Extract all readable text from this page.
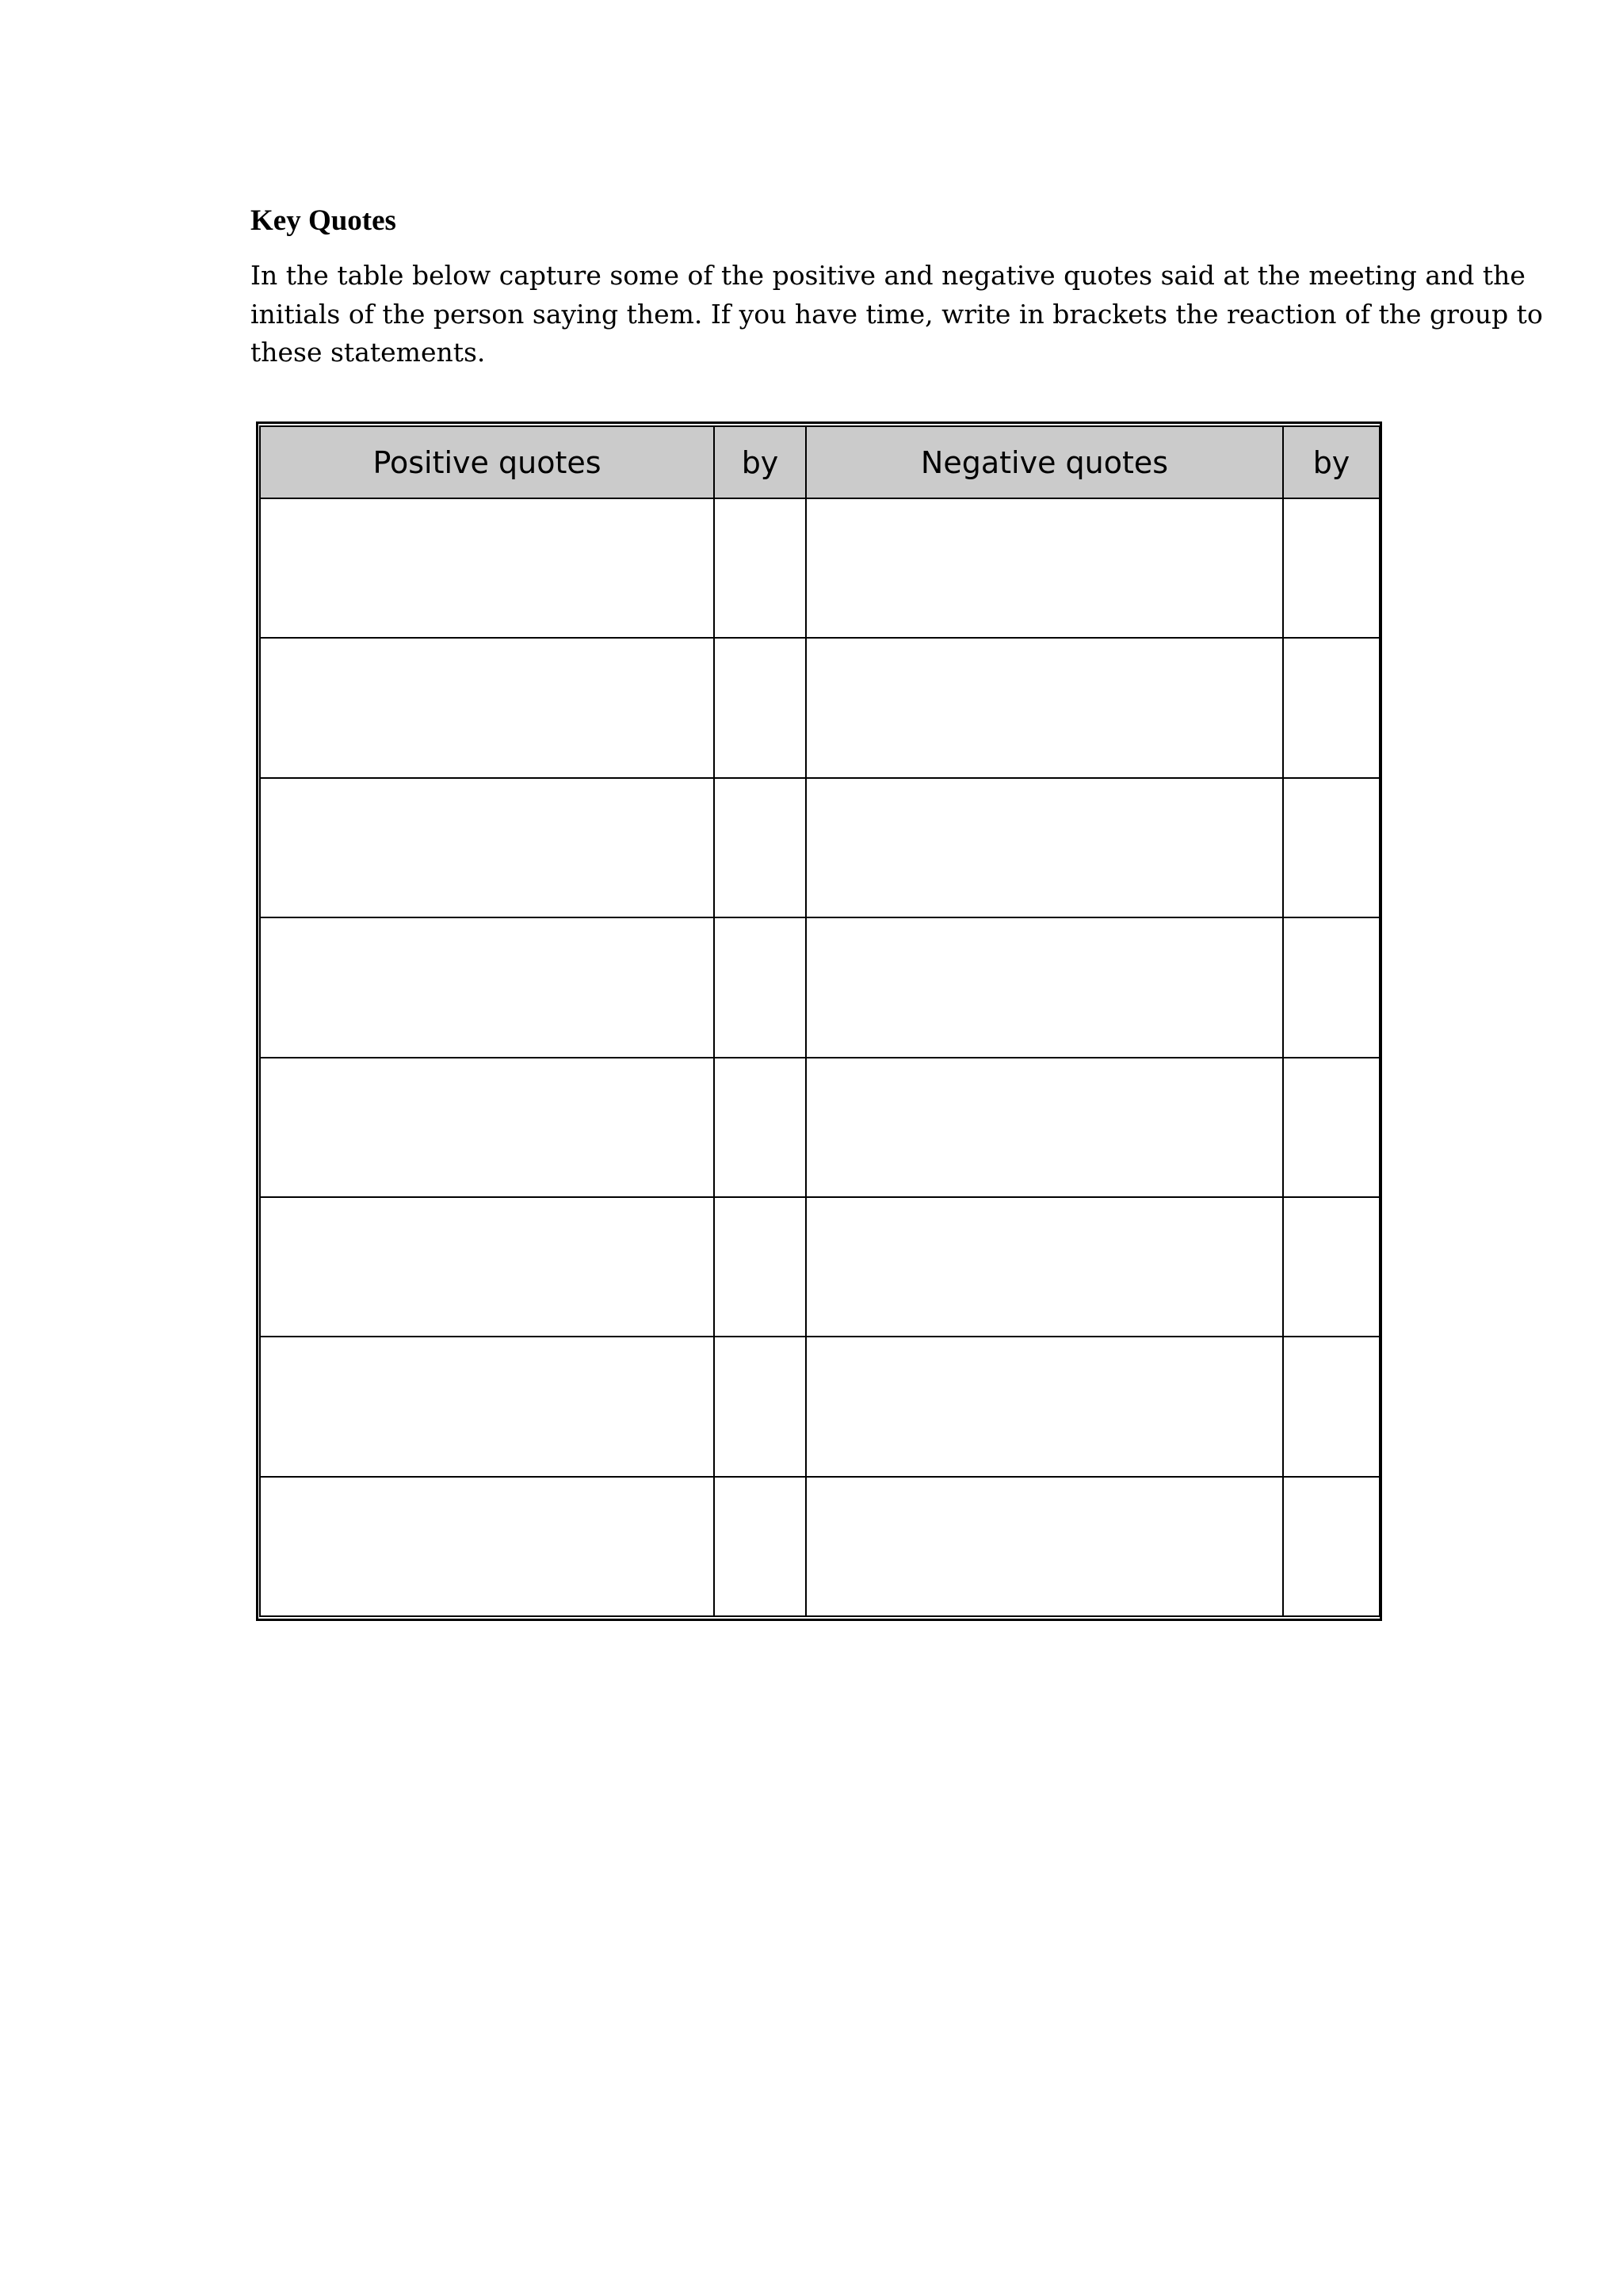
Key Quotes
In the table below capture some of the positive and negative quotes said at the meeting and the
initials of the person saying them. If you have time, write in brackets the reaction of the group to
these statements.
Positive quotes	by	Negative quotes	by
